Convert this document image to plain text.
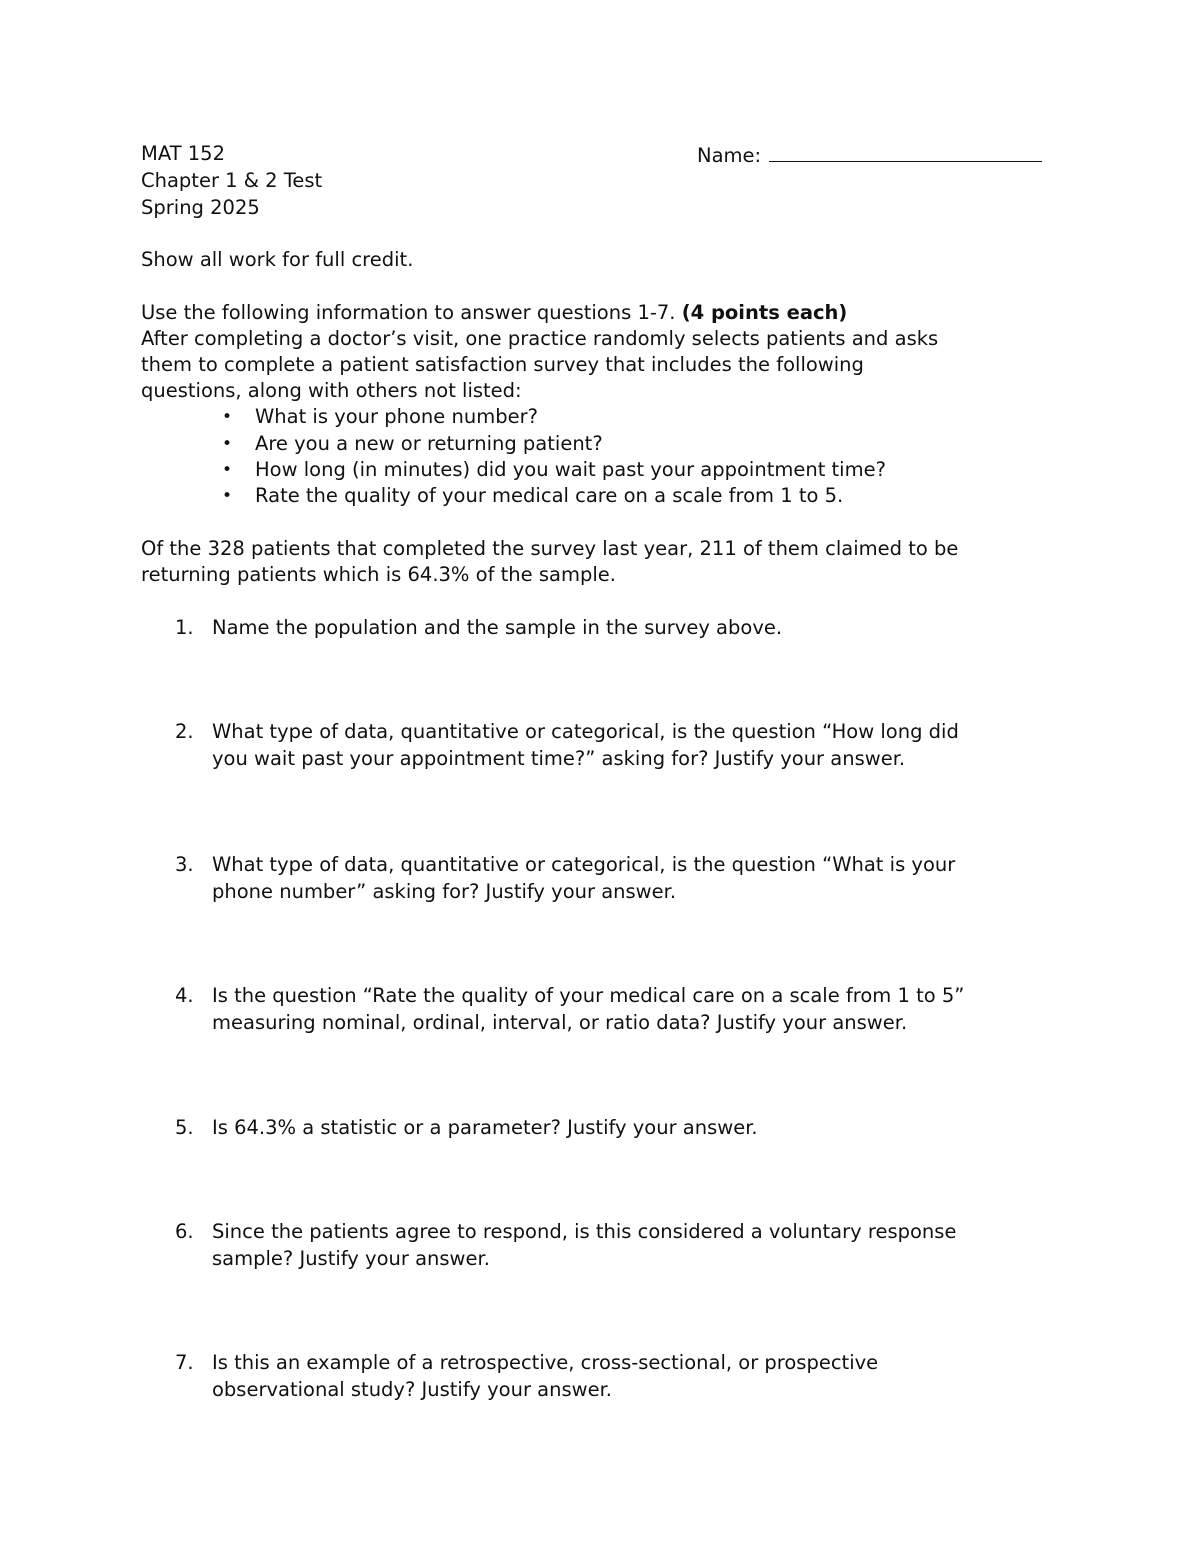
MAT 152
Chapter 1 & 2 Test
Spring 2025
Name:
Show all work for full credit.
Use the following information to answer questions 1-7. (4 points each)
After completing a doctor’s visit, one practice randomly selects patients and asks
them to complete a patient satisfaction survey that includes the following
questions, along with others not listed:
• What is your phone number?
• Are you a new or returning patient?
• How long (in minutes) did you wait past your appointment time?
• Rate the quality of your medical care on a scale from 1 to 5.
Of the 328 patients that completed the survey last year, 211 of them claimed to be
returning patients which is 64.3% of the sample.
1. Name the population and the sample in the survey above.
2. What type of data, quantitative or categorical, is the question “How long did
you wait past your appointment time?” asking for? Justify your answer.
3. What type of data, quantitative or categorical, is the question “What is your
phone number” asking for? Justify your answer.
4. Is the question “Rate the quality of your medical care on a scale from 1 to 5”
measuring nominal, ordinal, interval, or ratio data? Justify your answer.
5. Is 64.3% a statistic or a parameter? Justify your answer.
6. Since the patients agree to respond, is this considered a voluntary response
sample? Justify your answer.
7. Is this an example of a retrospective, cross-sectional, or prospective
observational study? Justify your answer.
